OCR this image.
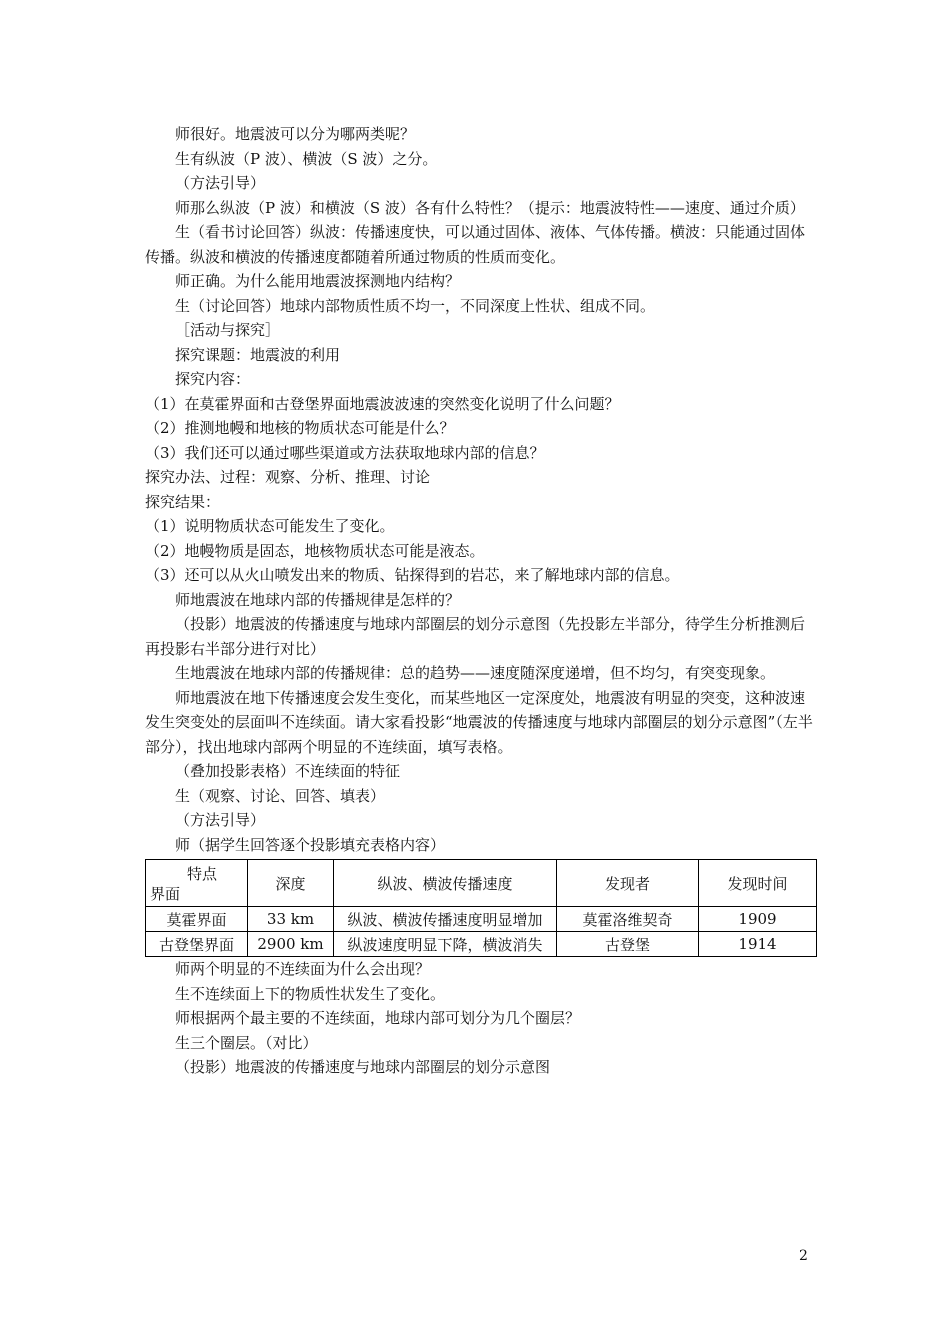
师很好。地震波可以分为哪两类呢？

生有纵波（P 波）、横波（S 波）之分。

（方法引导）

师那么纵波（P 波）和横波（S 波）各有什么特性？（提示：地震波特性——速度、通过介质）

生（看书讨论回答）纵波：传播速度快，可以通过固体、液体、气体传播。横波：只能通过固体传播。纵波和横波的传播速度都随着所通过物质的性质而变化。

师正确。为什么能用地震波探测地内结构？

生（讨论回答）地球内部物质性质不均一，不同深度上性状、组成不同。

［活动与探究］

探究课题：地震波的利用

探究内容：

（1）在莫霍界面和古登堡界面地震波波速的突然变化说明了什么问题？

（2）推测地幔和地核的物质状态可能是什么？

（3）我们还可以通过哪些渠道或方法获取地球内部的信息？

探究办法、过程：观察、分析、推理、讨论

探究结果：

（1）说明物质状态可能发生了变化。

（2）地幔物质是固态，地核物质状态可能是液态。

（3）还可以从火山喷发出来的物质、钻探得到的岩芯，来了解地球内部的信息。

师地震波在地球内部的传播规律是怎样的？

（投影）地震波的传播速度与地球内部圈层的划分示意图（先投影左半部分，待学生分析推测后再投影右半部分进行对比）

生地震波在地球内部的传播规律：总的趋势——速度随深度递增，但不均匀，有突变现象。

师地震波在地下传播速度会发生变化，而某些地区一定深度处，地震波有明显的突变，这种波速发生突变处的层面叫不连续面。请大家看投影“地震波的传播速度与地球内部圈层的划分示意图”（左半部分），找出地球内部两个明显的不连续面，填写表格。

（叠加投影表格）不连续面的特征

生（观察、讨论、回答、填表）

（方法引导）

师（据学生回答逐个投影填充表格内容）

特点
界面	深度	纵波、横波传播速度	发现者	发现时间
莫霍界面	33 km	纵波、横波传播速度明显增加	莫霍洛维契奇	1909
古登堡界面	2900 km	纵波速度明显下降，横波消失	古登堡	1914

师两个明显的不连续面为什么会出现？

生不连续面上下的物质性状发生了变化。

师根据两个最主要的不连续面，地球内部可划分为几个圈层？

生三个圈层。（对比）

（投影）地震波的传播速度与地球内部圈层的划分示意图

2
